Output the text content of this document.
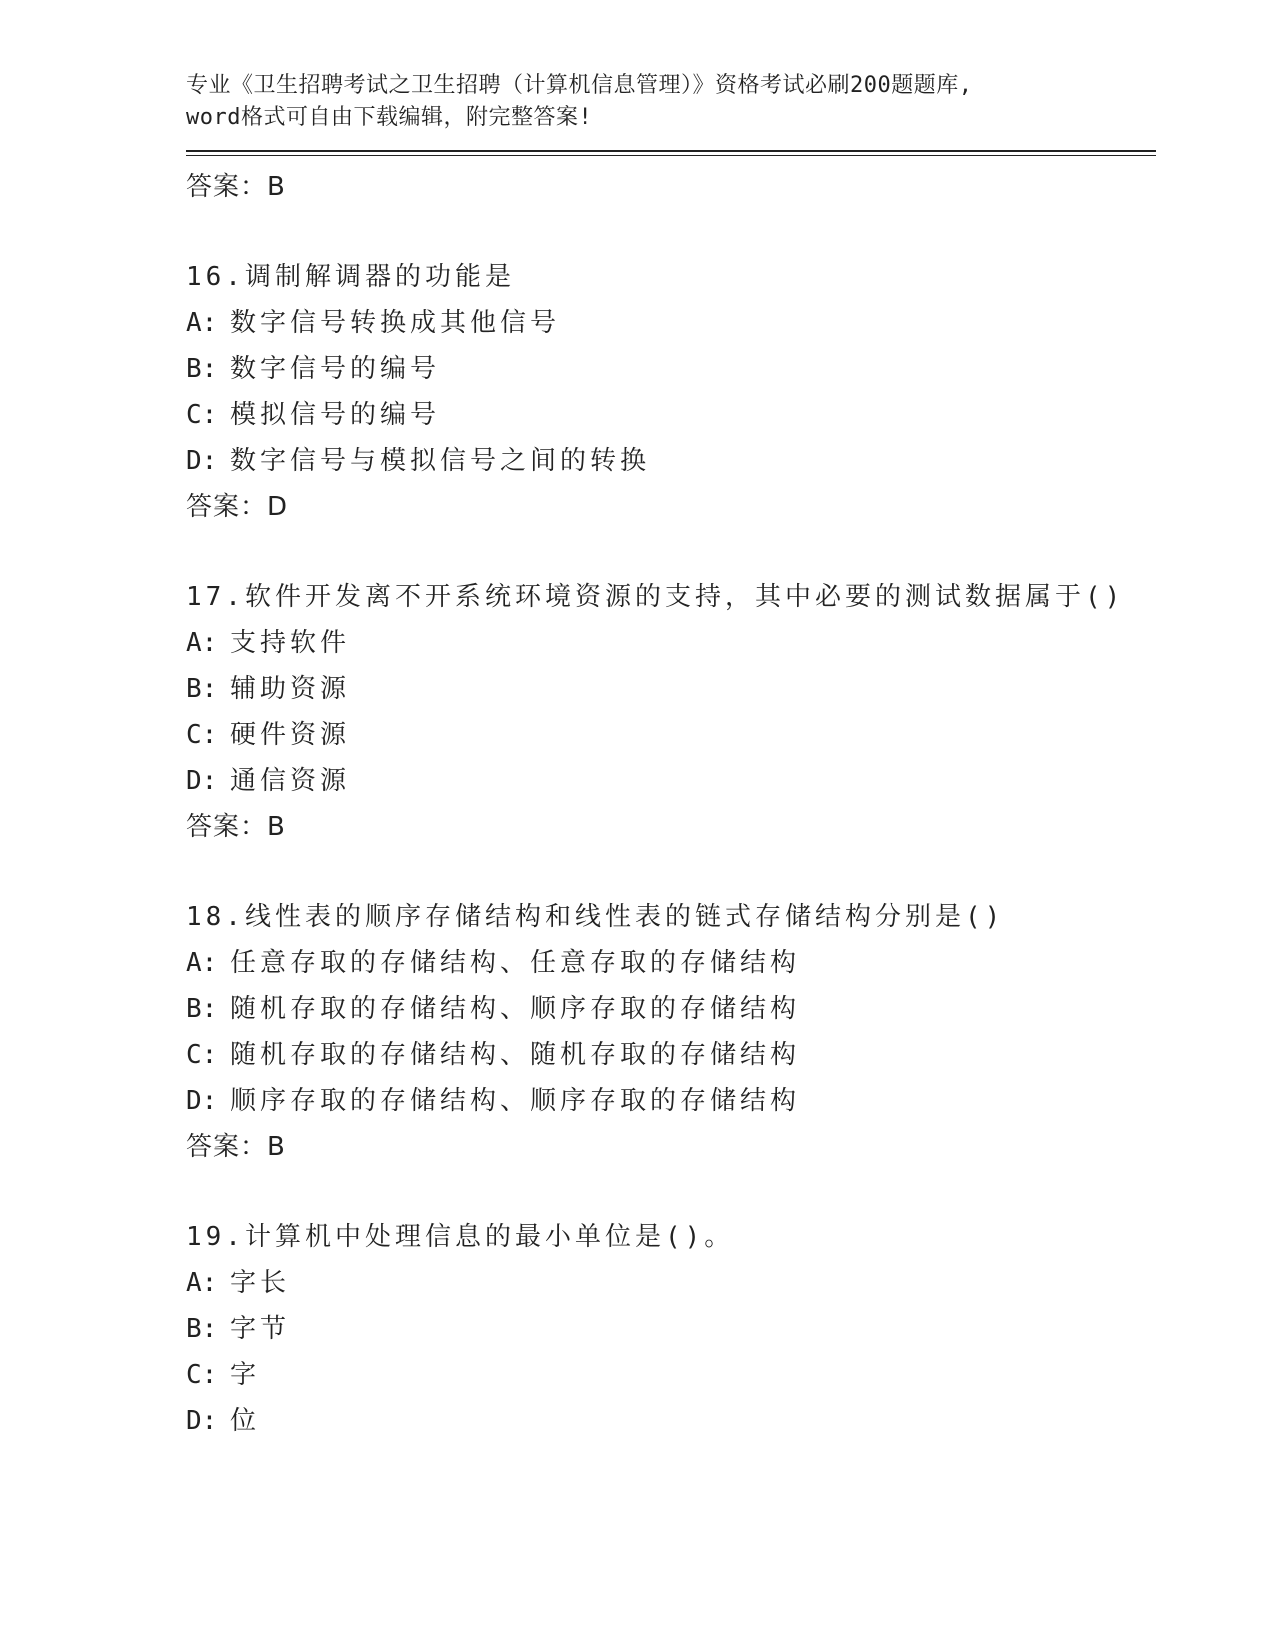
专业《卫生招聘考试之卫生招聘（计算机信息管理）》资格考试必刷200题题库,
word格式可自由下载编辑，附完整答案!
答案：B
16.调制解调器的功能是
A: 数字信号转换成其他信号
B: 数字信号的编号
C: 模拟信号的编号
D: 数字信号与模拟信号之间的转换
答案：D
17.软件开发离不开系统环境资源的支持，其中必要的测试数据属于()
A: 支持软件
B: 辅助资源
C: 硬件资源
D: 通信资源
答案：B
18.线性表的顺序存储结构和线性表的链式存储结构分别是()
A: 任意存取的存储结构、任意存取的存储结构
B: 随机存取的存储结构、顺序存取的存储结构
C: 随机存取的存储结构、随机存取的存储结构
D: 顺序存取的存储结构、顺序存取的存储结构
答案：B
19.计算机中处理信息的最小单位是()。
A: 字长
B: 字节
C: 字
D: 位
